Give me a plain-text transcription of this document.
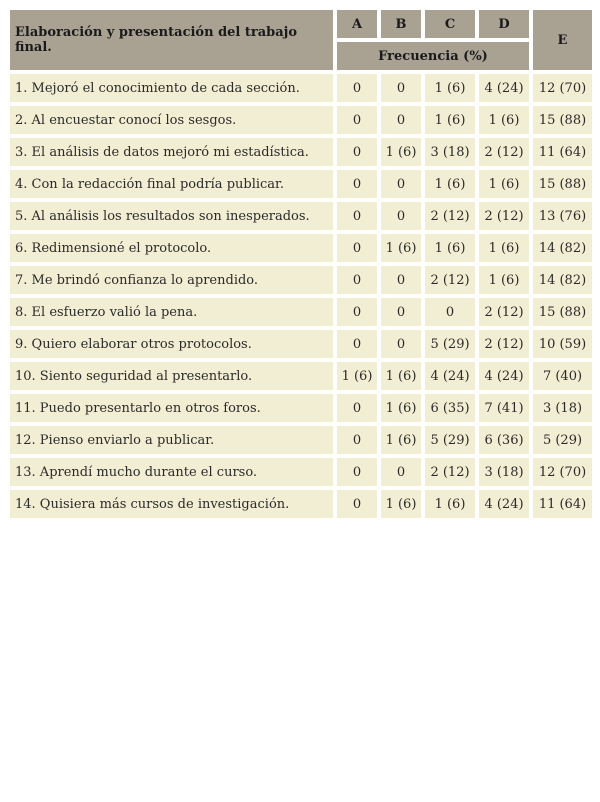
Elaboración y presentación del trabajo final.	A	B	C	D	E
	Frecuencia (%)				
1. Mejoró el conocimiento de cada sección.	0	0	1 (6)	4 (24)	12 (70)
2. Al encuestar conocí los sesgos.	0	0	1 (6)	1 (6)	15 (88)
3. El análisis de datos mejoró mi estadística.	0	1 (6)	3 (18)	2 (12)	11 (64)
4. Con la redacción final podría publicar.	0	0	1 (6)	1 (6)	15 (88)
5. Al análisis los resultados son inesperados.	0	0	2 (12)	2 (12)	13 (76)
6. Redimensioné el protocolo.	0	1 (6)	1 (6)	1 (6)	14 (82)
7. Me brindó confianza lo aprendido.	0	0	2 (12)	1 (6)	14 (82)
8. El esfuerzo valió la pena.	0	0	0	2 (12)	15 (88)
9. Quiero elaborar otros protocolos.	0	0	5 (29)	2 (12)	10 (59)
10. Siento seguridad al presentarlo.	1 (6)	1 (6)	4 (24)	4 (24)	7 (40)
11. Puedo presentarlo en otros foros.	0	1 (6)	6 (35)	7 (41)	3 (18)
12. Pienso enviarlo a publicar.	0	1 (6)	5 (29)	6 (36)	5 (29)
13. Aprendí mucho durante el curso.	0	0	2 (12)	3 (18)	12 (70)
14. Quisiera más cursos de investigación.	0	1 (6)	1 (6)	4 (24)	11 (64)
